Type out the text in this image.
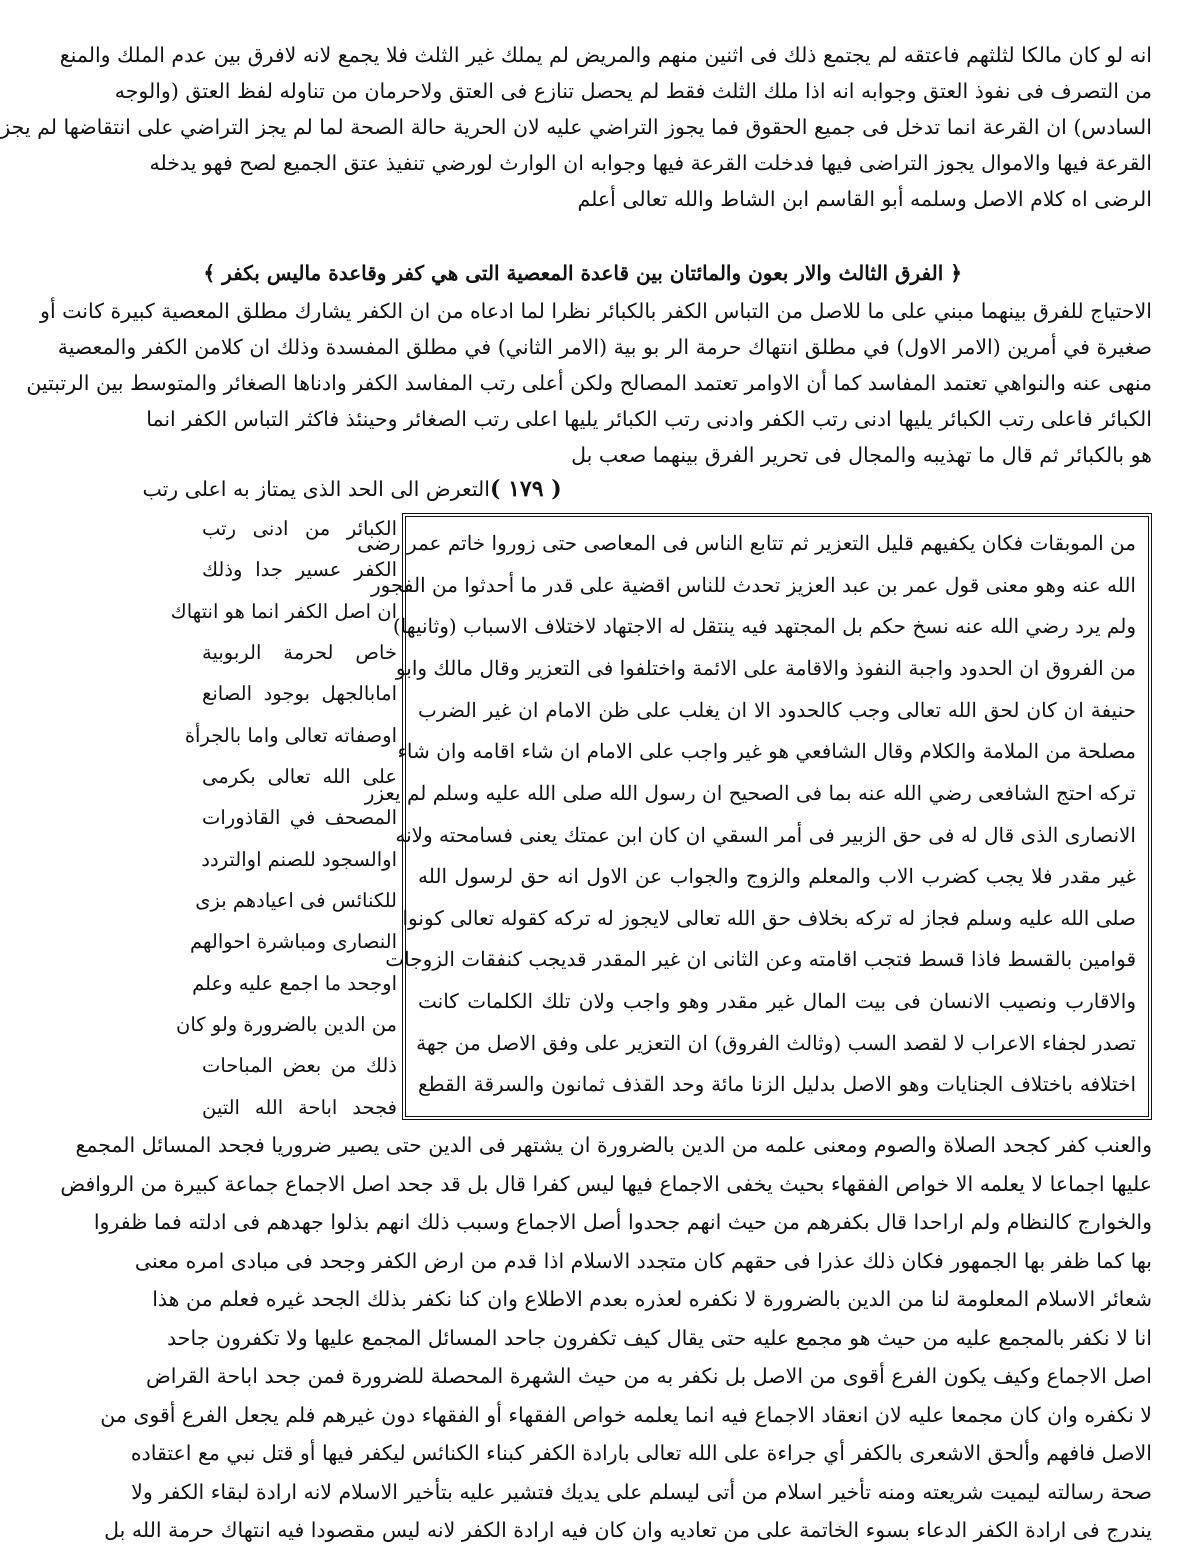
انه لو كان مالكا لثلثهم فاعتقه لم يجتمع ذلك فى اثنين منهم والمريض لم يملك غير الثلث فلا يجمع لانه لافرق بين عدم الملك والمنع
من التصرف فى نفوذ العتق وجوابه انه اذا ملك الثلث فقط لم يحصل تنازع فى العتق ولاحرمان من تناوله لفظ العتق (والوجه
السادس) ان القرعة انما تدخل فى جميع الحقوق فما يجوز التراضي عليه لان الحرية حالة الصحة لما لم يجز التراضي على انتقاضها لم يجز
القرعة فيها والاموال يجوز التراضى فيها فدخلت القرعة فيها وجوابه ان الوارث لورضي تنفيذ عتق الجميع لصح فهو يدخله
الرضى اه كلام الاصل وسلمه أبو القاسم ابن الشاط والله تعالى أعلم
﴿ الفرق الثالث والار بعون والمائتان بين قاعدة المعصية التى هي كفر وقاعدة ماليس بكفر ﴾
الاحتياج للفرق بينهما مبني على ما للاصل من التباس الكفر بالكبائر نظرا لما ادعاه من ان الكفر يشارك مطلق المعصية كبيرة كانت أو
صغيرة في أمرين (الامر الاول) في مطلق انتهاك حرمة الر بو بية (الامر الثاني) في مطلق المفسدة وذلك ان كلامن الكفر والمعصية
منهى عنه والنواهي تعتمد المفاسد كما أن الاوامر تعتمد المصالح ولكن أعلى رتب المفاسد الكفر وادناها الصغائر والمتوسط بين الرتبتين
الكبائر فاعلى رتب الكبائر يليها ادنى رتب الكفر وادنى رتب الكبائر يليها اعلى رتب الصغائر وحينئذ فاكثر التباس الكفر انما
هو بالكبائر ثم قال ما تهذيبه والمجال فى تحرير الفرق بينهما صعب بل
( ١٧٩ )
التعرض الى الحد الذى يمتاز به اعلى رتب
الكبائر من ادنى رتب
الكفر عسير جدا وذلك
ان اصل الكفر انما هو انتهاك
خاص لحرمة الربوبية
امابالجهل بوجود الصانع
اوصفاته تعالى واما بالجرأة
على الله تعالى بكرمى
المصحف في القاذورات
اوالسجود للصنم اوالتردد
للكنائس فى اعيادهم بزى
النصارى ومباشرة احوالهم
اوجحد ما اجمع عليه وعلم
من الدين بالضرورة ولو كان
ذلك من بعض المباحات
فجحد اباحة الله التين
من الموبقات فكان يكفيهم قليل التعزير ثم تتابع الناس فى المعاصى حتى زوروا خاتم عمر رضى
الله عنه وهو معنى قول عمر بن عبد العزيز تحدث للناس اقضية على قدر ما أحدثوا من الفجور
ولم يرد رضي الله عنه نسخ حكم بل المجتهد فيه ينتقل له الاجتهاد لاختلاف الاسباب (وثانيها)
من الفروق ان الحدود واجبة النفوذ والاقامة على الائمة واختلفوا فى التعزير وقال مالك وابو
حنيفة ان كان لحق الله تعالى وجب كالحدود الا ان يغلب على ظن الامام ان غير الضرب
مصلحة من الملامة والكلام وقال الشافعي هو غير واجب على الامام ان شاء اقامه وان شاء
تركه احتج الشافعى رضي الله عنه بما فى الصحيح ان رسول الله صلى الله عليه وسلم لم يعزر
الانصارى الذى قال له فى حق الزبير فى أمر السقي ان كان ابن عمتك يعنى فسامحته ولانه
غير مقدر فلا يجب كضرب الاب والمعلم والزوج والجواب عن الاول انه حق لرسول الله
صلى الله عليه وسلم فجاز له تركه بخلاف حق الله تعالى لايجوز له تركه كقوله تعالى كونوا
قوامين بالقسط فاذا قسط فتجب اقامته وعن الثانى ان غير المقدر قديجب كنفقات الزوجات
والاقارب ونصيب الانسان فى بيت المال غير مقدر وهو واجب ولان تلك الكلمات كانت
تصدر لجفاء الاعراب لا لقصد السب (وثالث الفروق) ان التعزير على وفق الاصل من جهة
اختلافه باختلاف الجنايات وهو الاصل بدليل الزنا مائة وحد القذف ثمانون والسرقة القطع
والعنب كفر كجحد الصلاة والصوم ومعنى علمه من الدين بالضرورة ان يشتهر فى الدين حتى يصير ضروريا فجحد المسائل المجمع
عليها اجماعا لا يعلمه الا خواص الفقهاء بحيث يخفى الاجماع فيها ليس كفرا قال بل قد جحد اصل الاجماع جماعة كبيرة من الروافض
والخوارج كالنظام ولم اراحدا قال بكفرهم من حيث انهم جحدوا أصل الاجماع وسبب ذلك انهم بذلوا جهدهم فى ادلته فما ظفروا
بها كما ظفر بها الجمهور فكان ذلك عذرا فى حقهم كان متجدد الاسلام اذا قدم من ارض الكفر وجحد فى مبادى امره معنى
شعائر الاسلام المعلومة لنا من الدين بالضرورة لا نكفره لعذره بعدم الاطلاع وان كنا نكفر بذلك الجحد غيره فعلم من هذا
انا لا نكفر بالمجمع عليه من حيث هو مجمع عليه حتى يقال كيف تكفرون جاحد المسائل المجمع عليها ولا تكفرون جاحد
اصل الاجماع وكيف يكون الفرع أقوى من الاصل بل نكفر به من حيث الشهرة المحصلة للضرورة فمن جحد اباحة القراض
لا نكفره وان كان مجمعا عليه لان انعقاد الاجماع فيه انما يعلمه خواص الفقهاء أو الفقهاء دون غيرهم فلم يجعل الفرع أقوى من
الاصل فافهم وألحق الاشعرى بالكفر أي جراءة على الله تعالى بارادة الكفر كبناء الكنائس ليكفر فيها أو قتل نبي مع اعتقاده
صحة رسالته ليميت شريعته ومنه تأخير اسلام من أتى ليسلم على يديك فتشير عليه بتأخير الاسلام لانه ارادة لبقاء الكفر ولا
يندرج فى ارادة الكفر الدعاء بسوء الخاتمة على من تعاديه وان كان فيه ارادة الكفر لانه ليس مقصودا فيه انتهاك حرمة الله بل
